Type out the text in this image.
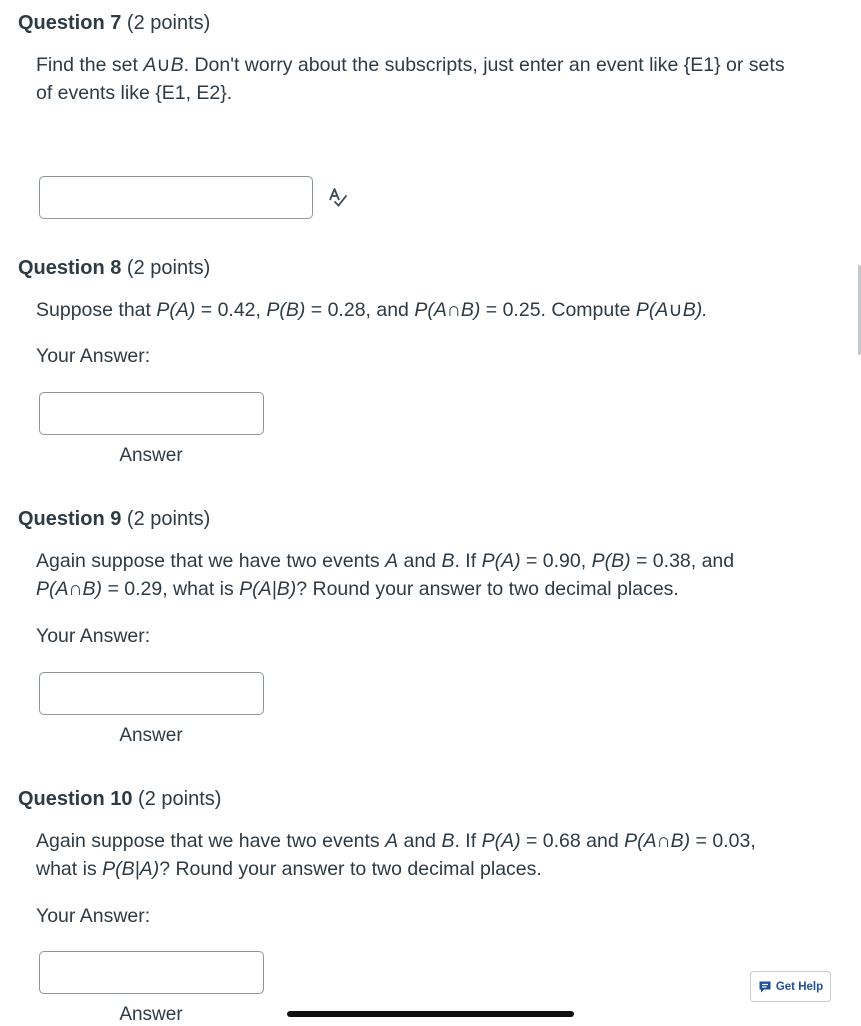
Question 7 (2 points)
Find the set A∪B. Don't worry about the subscripts, just enter an event like {E1} or sets of events like {E1, E2}.
Question 8 (2 points)
Suppose that P(A) = 0.42, P(B) = 0.28, and P(A∩B) = 0.25. Compute P(A∪B).
Your Answer:
Answer
Question 9 (2 points)
Again suppose that we have two events A and B. If P(A) = 0.90, P(B) = 0.38, and P(A∩B) = 0.29, what is P(A|B)? Round your answer to two decimal places.
Your Answer:
Answer
Question 10 (2 points)
Again suppose that we have two events A and B. If P(A) = 0.68 and P(A∩B) = 0.03, what is P(B|A)? Round your answer to two decimal places.
Your Answer:
Answer
Get Help
